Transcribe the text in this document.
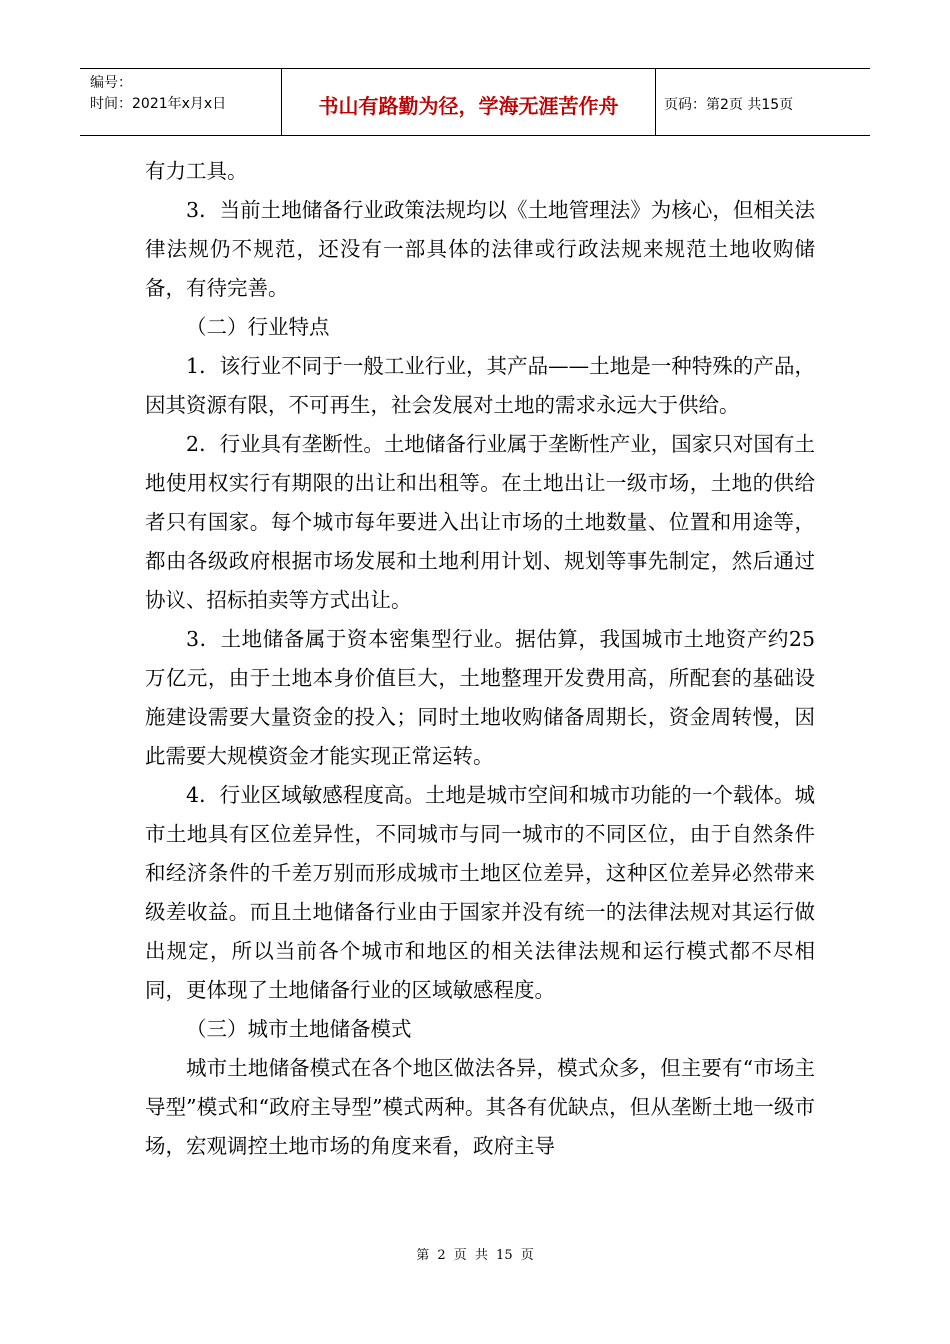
编号：
时间：2021年x月x日	书山有路勤为径，学海无涯苦作舟	页码：第2页 共15页

有力工具。

3．当前土地储备行业政策法规均以《土地管理法》为核心，但相关法律法规仍不规范，还没有一部具体的法律或行政法规来规范土地收购储备，有待完善。

（二）行业特点

1．该行业不同于一般工业行业，其产品——土地是一种特殊的产品，因其资源有限，不可再生，社会发展对土地的需求永远大于供给。

2．行业具有垄断性。土地储备行业属于垄断性产业，国家只对国有土地使用权实行有期限的出让和出租等。在土地出让一级市场，土地的供给者只有国家。每个城市每年要进入出让市场的土地数量、位置和用途等，都由各级政府根据市场发展和土地利用计划、规划等事先制定，然后通过协议、招标拍卖等方式出让。

3．土地储备属于资本密集型行业。据估算，我国城市土地资产约25万亿元，由于土地本身价值巨大，土地整理开发费用高，所配套的基础设施建设需要大量资金的投入；同时土地收购储备周期长，资金周转慢，因此需要大规模资金才能实现正常运转。

4．行业区域敏感程度高。土地是城市空间和城市功能的一个载体。城市土地具有区位差异性，不同城市与同一城市的不同区位，由于自然条件和经济条件的千差万别而形成城市土地区位差异，这种区位差异必然带来级差收益。而且土地储备行业由于国家并没有统一的法律法规对其运行做出规定，所以当前各个城市和地区的相关法律法规和运行模式都不尽相同，更体现了土地储备行业的区域敏感程度。

（三）城市土地储备模式

城市土地储备模式在各个地区做法各异，模式众多，但主要有“市场主导型”模式和“政府主导型”模式两种。其各有优缺点，但从垄断土地一级市场，宏观调控土地市场的角度来看，政府主导

第 2 页 共 15 页
